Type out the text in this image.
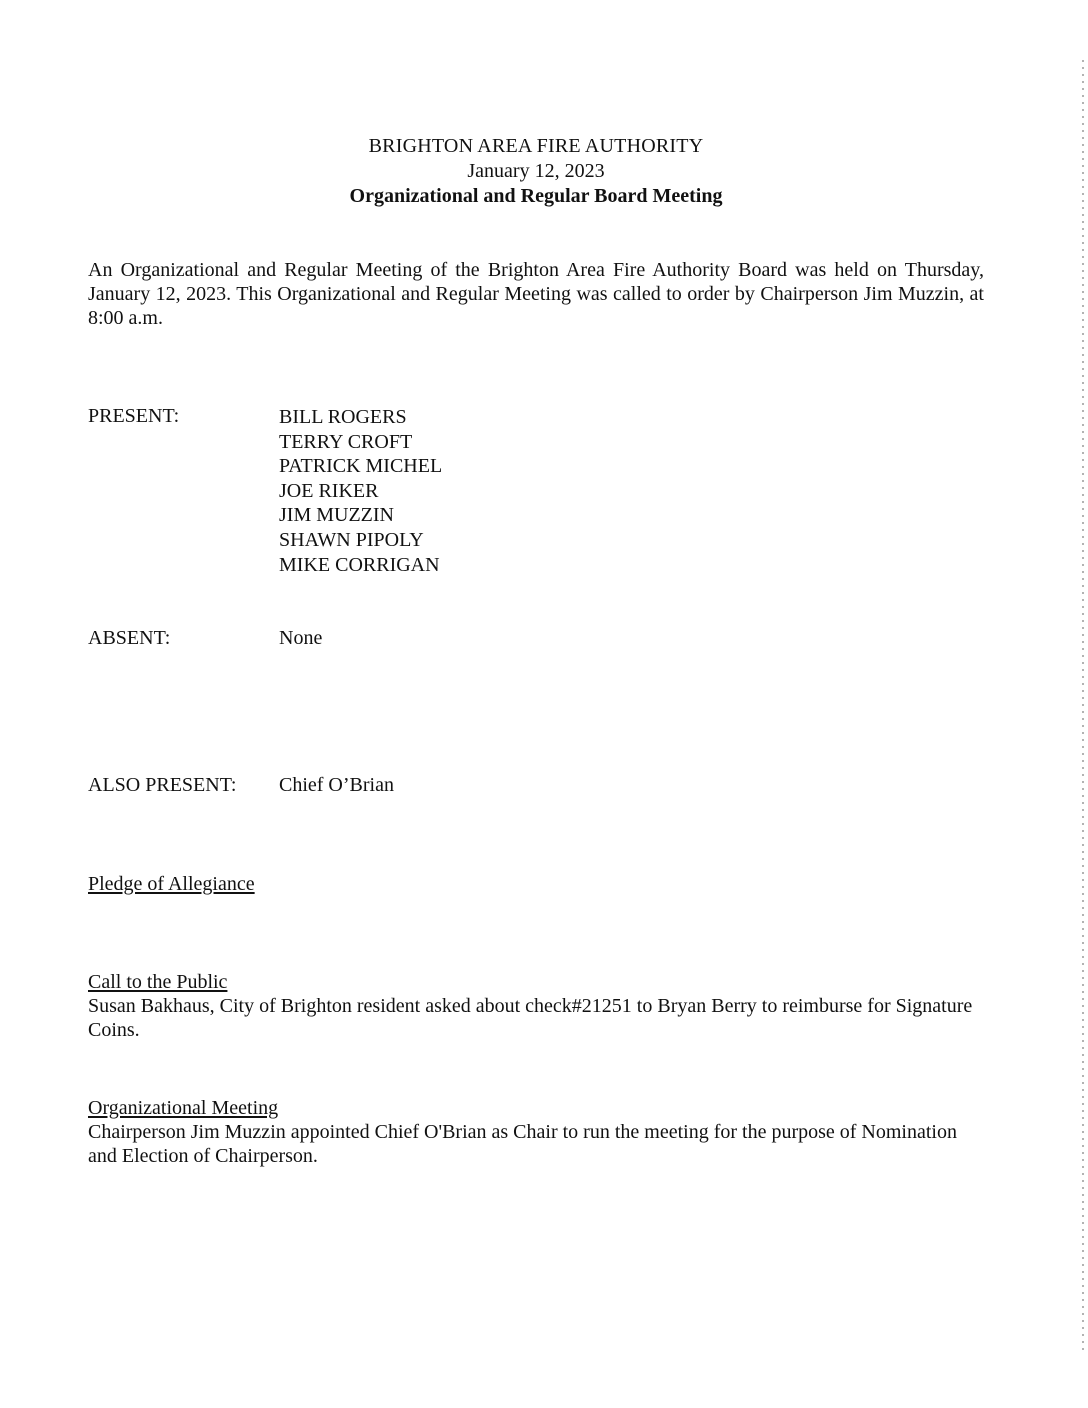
BRIGHTON AREA FIRE AUTHORITY
January 12, 2023
Organizational and Regular Board Meeting
An Organizational and Regular Meeting of the Brighton Area Fire Authority Board was held on Thursday, January 12, 2023. This Organizational and Regular Meeting was called to order by Chairperson Jim Muzzin, at 8:00 a.m.
PRESENT:	BILL ROGERS
TERRY CROFT
PATRICK MICHEL
JOE RIKER
JIM MUZZIN
SHAWN PIPOLY
MIKE CORRIGAN
ABSENT:	None
ALSO PRESENT: Chief O’Brian
Pledge of Allegiance
Call to the Public
Susan Bakhaus, City of Brighton resident asked about check#21251 to Bryan Berry to reimburse for Signature Coins.
Organizational Meeting
Chairperson Jim Muzzin appointed Chief O'Brian as Chair to run the meeting for the purpose of Nomination and Election of Chairperson.
